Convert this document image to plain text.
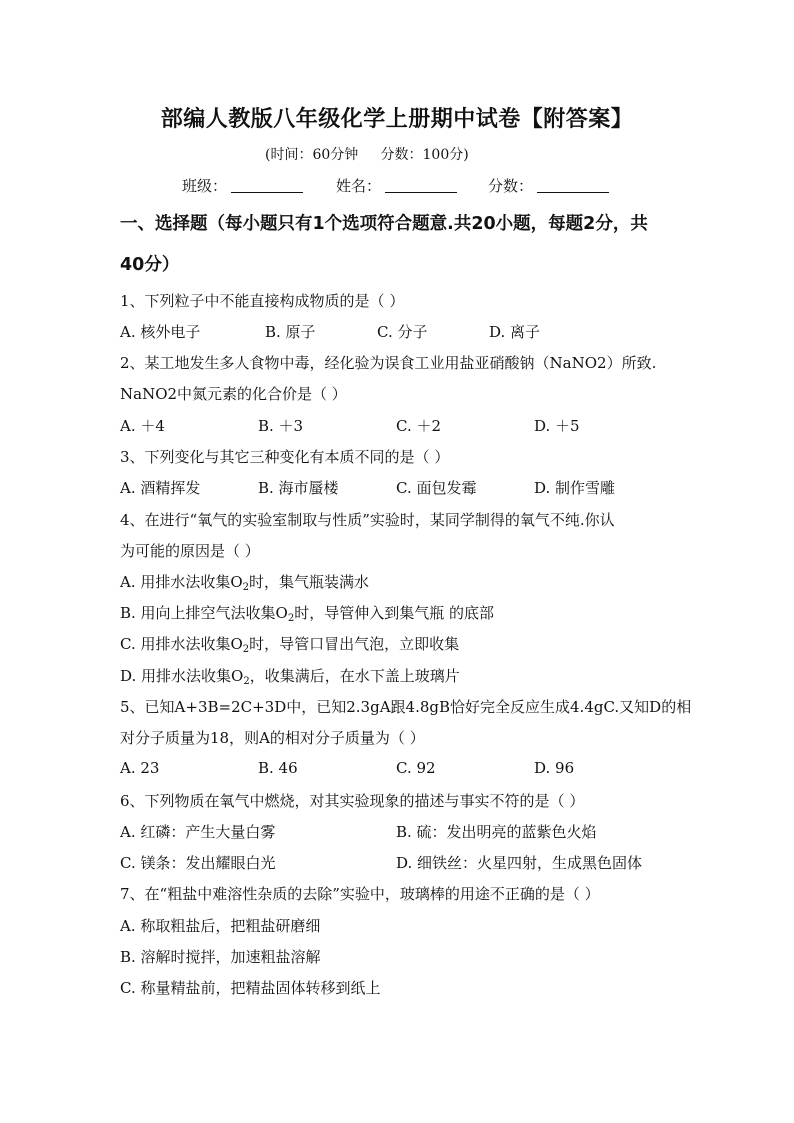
部编人教版八年级化学上册期中试卷【附答案】
(时间：60分钟     分数：100分)
班级：	姓名：	分数：
一、选择题（每小题只有1个选项符合题意.共20小题，每题2分，共
40分）
1、下列粒子中不能直接构成物质的是（ ）
A. 核外电子	B. 原子	C. 分子	D. 离子
2、某工地发生多人食物中毒，经化验为误食工业用盐亚硝酸钠（NaNO2）所致.
NaNO2中氮元素的化合价是（ ）
A. ＋4	B. ＋3	C. ＋2	D. ＋5
3、下列变化与其它三种变化有本质不同的是（ ）
A. 酒精挥发	B. 海市蜃楼	C. 面包发霉	D. 制作雪雕
4、在进行“氧气的实验室制取与性质”实验时，某同学制得的氧气不纯.你认
为可能的原因是（ ）
A. 用排水法收集$O_2$时，集气瓶装满水
B. 用向上排空气法收集$O_2$时，导管伸入到集气瓶 的底部
C. 用排水法收集$O_2$时，导管口冒出气泡，立即收集
D. 用排水法收集$O_2$，收集满后，在水下盖上玻璃片
5、已知A+3B=2C+3D中，已知2.3gA跟4.8gB恰好完全反应生成4.4gC.又知D的相
对分子质量为18，则A的相对分子质量为（ ）
A. 23	B. 46	C. 92	D. 96
6、下列物质在氧气中燃烧，对其实验现象的描述与事实不符的是（ ）
A. 红磷：产生大量白雾	B. 硫：发出明亮的蓝紫色火焰
C. 镁条：发出耀眼白光	D. 细铁丝：火星四射，生成黑色固体
7、在“粗盐中难溶性杂质的去除”实验中，玻璃棒的用途不正确的是（ ）
A. 称取粗盐后，把粗盐研磨细
B. 溶解时搅拌，加速粗盐溶解
C. 称量精盐前，把精盐固体转移到纸上
